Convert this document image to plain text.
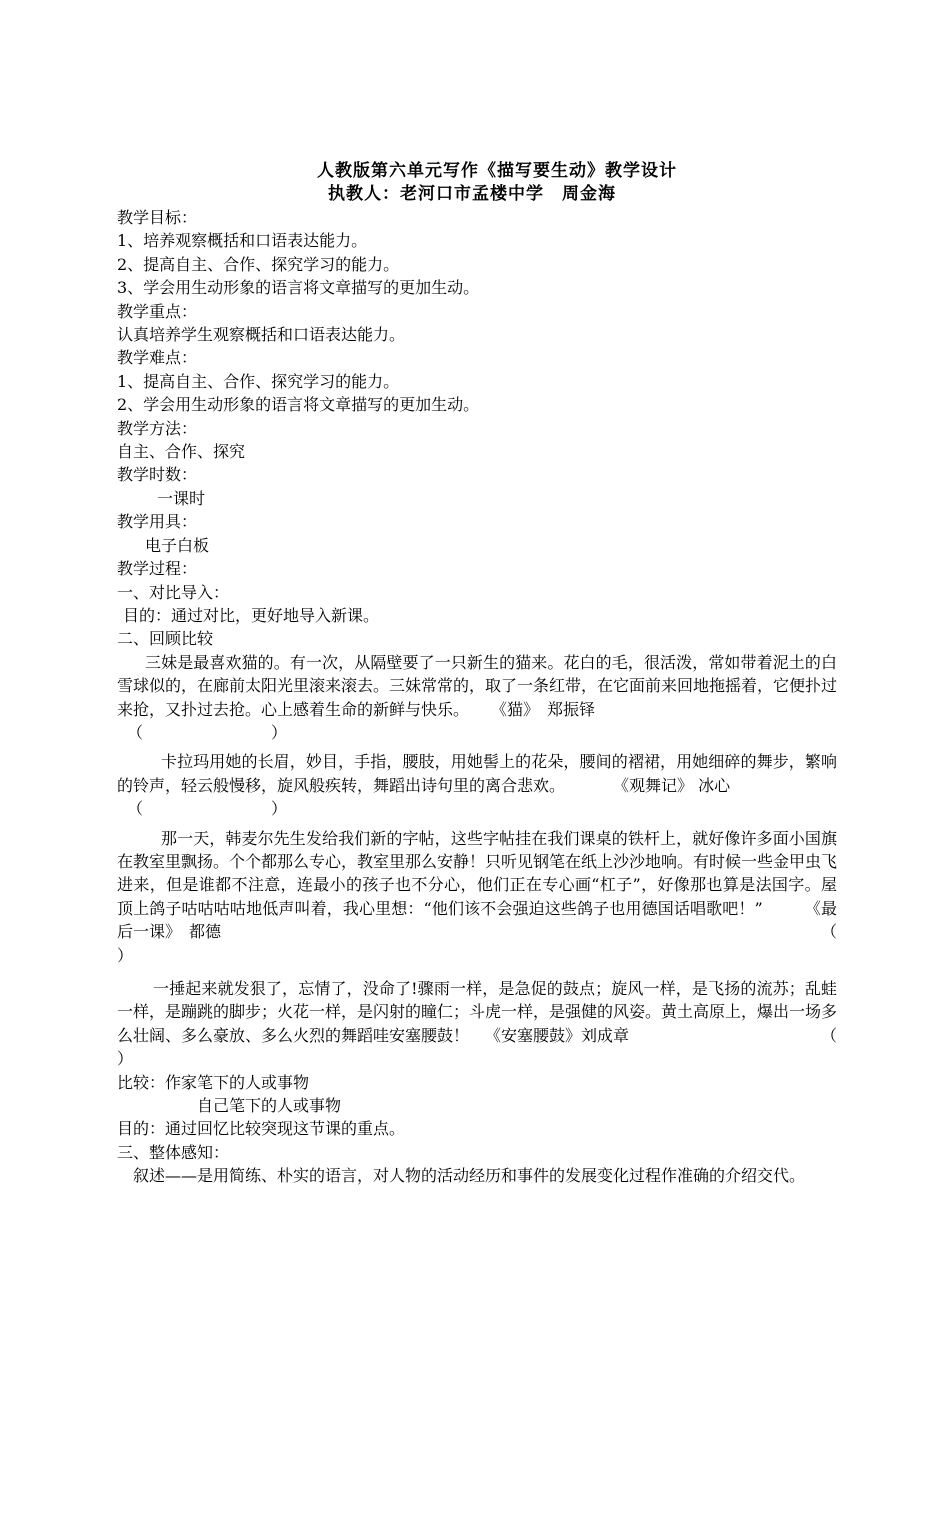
人教版第六单元写作《描写要生动》教学设计
执教人：老河口市孟楼中学　周金海
教学目标：
1、培养观察概括和口语表达能力。
2、提高自主、合作、探究学习的能力。
3、学会用生动形象的语言将文章描写的更加生动。
教学重点：
认真培养学生观察概括和口语表达能力。
教学难点：
1、提高自主、合作、探究学习的能力。
2、学会用生动形象的语言将文章描写的更加生动。
教学方法：
自主、合作、探究
教学时数：
一课时
教学用具：
电子白板
教学过程：
一、对比导入：
目的：通过对比，更好地导入新课。
二、回顾比较
三妹是最喜欢猫的。有一次，从隔壁要了一只新生的猫来。花白的毛，很活泼，常如带着泥土的白雪球似的，在廊前太阳光里滚来滚去。三妹常常的，取了一条红带，在它面前来回地拖摇着，它便扑过来抢，又扑过去抢。心上感着生命的新鲜与快乐。 《猫》　郑振铎
（	）
卡拉玛用她的长眉，妙目，手指，腰肢，用她髻上的花朵，腰间的褶裙，用她细碎的舞步，繁响的铃声，轻云般慢移，旋风般疾转，舞蹈出诗句里的离合悲欢。	《观舞记》 冰心
（	）
那一天，韩麦尔先生发给我们新的字帖，这些字帖挂在我们课桌的铁杆上，就好像许多面小国旗在教室里飘扬。个个都那么专心，教室里那么安静！只听见钢笔在纸上沙沙地响。有时候一些金甲虫飞进来，但是谁都不注意，连最小的孩子也不分心，他们正在专心画“杠子”，好像那也算是法国字。屋顶上鸽子咕咕咕咕地低声叫着，我心里想：“他们该不会强迫这些鸽子也用德国话唱歌吧！”	《最后一课》　都德	（
）
一捶起来就发狠了，忘情了，没命了!骤雨一样，是急促的鼓点；旋风一样，是飞扬的流苏；乱蛙一样，是蹦跳的脚步；火花一样，是闪射的瞳仁；斗虎一样，是强健的风姿。黄土高原上，爆出一场多么壮阔、多么豪放、多么火烈的舞蹈哇安塞腰鼓！ 《安塞腰鼓》刘成章	（
）
比较：作家笔下的人或事物
自己笔下的人或事物
目的：通过回忆比较突现这节课的重点。
三、整体感知：
叙述——是用简练、朴实的语言，对人物的活动经历和事件的发展变化过程作准确的介绍交代。
